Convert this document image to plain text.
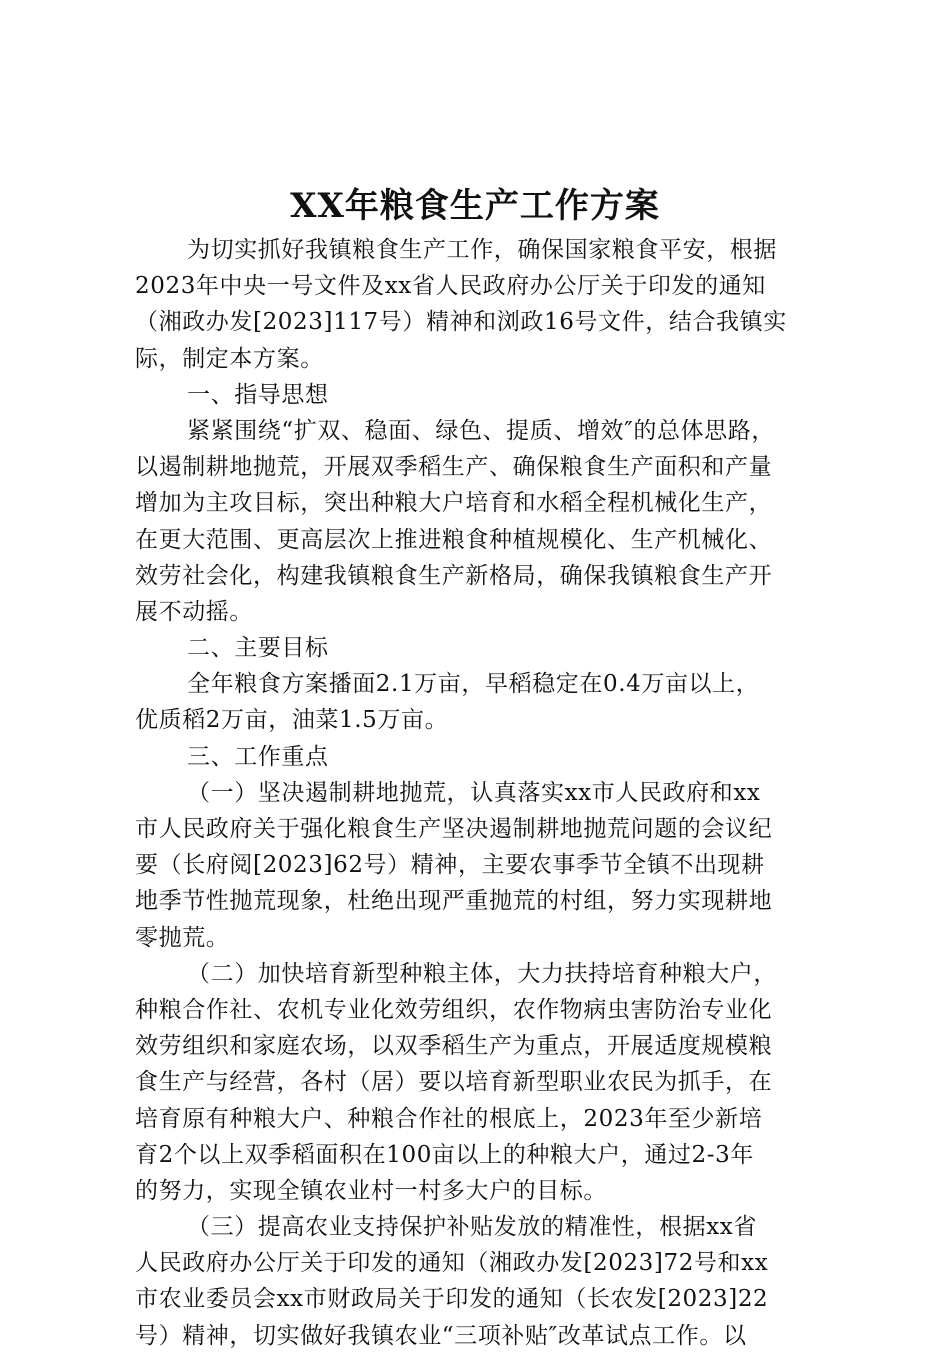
XX年粮食生产工作方案
为切实抓好我镇粮食生产工作，确保国家粮食平安，根据
2023年中央一号文件及xx省人民政府办公厅关于印发的通知
（湘政办发[2023]117号）精神和浏政16号文件，结合我镇实
际，制定本方案。
一、指导思想
紧紧围绕“扩双、稳面、绿色、提质、增效″的总体思路，
以遏制耕地抛荒，开展双季稻生产、确保粮食生产面积和产量
增加为主攻目标，突出种粮大户培育和水稻全程机械化生产，
在更大范围、更高层次上推进粮食种植规模化、生产机械化、
效劳社会化，构建我镇粮食生产新格局，确保我镇粮食生产开
展不动摇。
二、主要目标
全年粮食方案播面2.1万亩，早稻稳定在0.4万亩以上，
优质稻2万亩，油菜1.5万亩。
三、工作重点
（一）坚决遏制耕地抛荒，认真落实xx市人民政府和xx
市人民政府关于强化粮食生产坚决遏制耕地抛荒问题的会议纪
要（长府阅[2023]62号）精神，主要农事季节全镇不出现耕
地季节性抛荒现象，杜绝出现严重抛荒的村组，努力实现耕地
零抛荒。
（二）加快培育新型种粮主体，大力扶持培育种粮大户，
种粮合作社、农机专业化效劳组织，农作物病虫害防治专业化
效劳组织和家庭农场，以双季稻生产为重点，开展适度规模粮
食生产与经营，各村（居）要以培育新型职业农民为抓手，在
培育原有种粮大户、种粮合作社的根底上，2023年至少新培
育2个以上双季稻面积在100亩以上的种粮大户，通过2-3年
的努力，实现全镇农业村一村多大户的目标。
（三）提高农业支持保护补贴发放的精准性，根据xx省
人民政府办公厅关于印发的通知（湘政办发[2023]72号和xx
市农业委员会xx市财政局关于印发的通知（长农发[2023]22
号）精神，切实做好我镇农业“三项补贴″改革试点工作。以
